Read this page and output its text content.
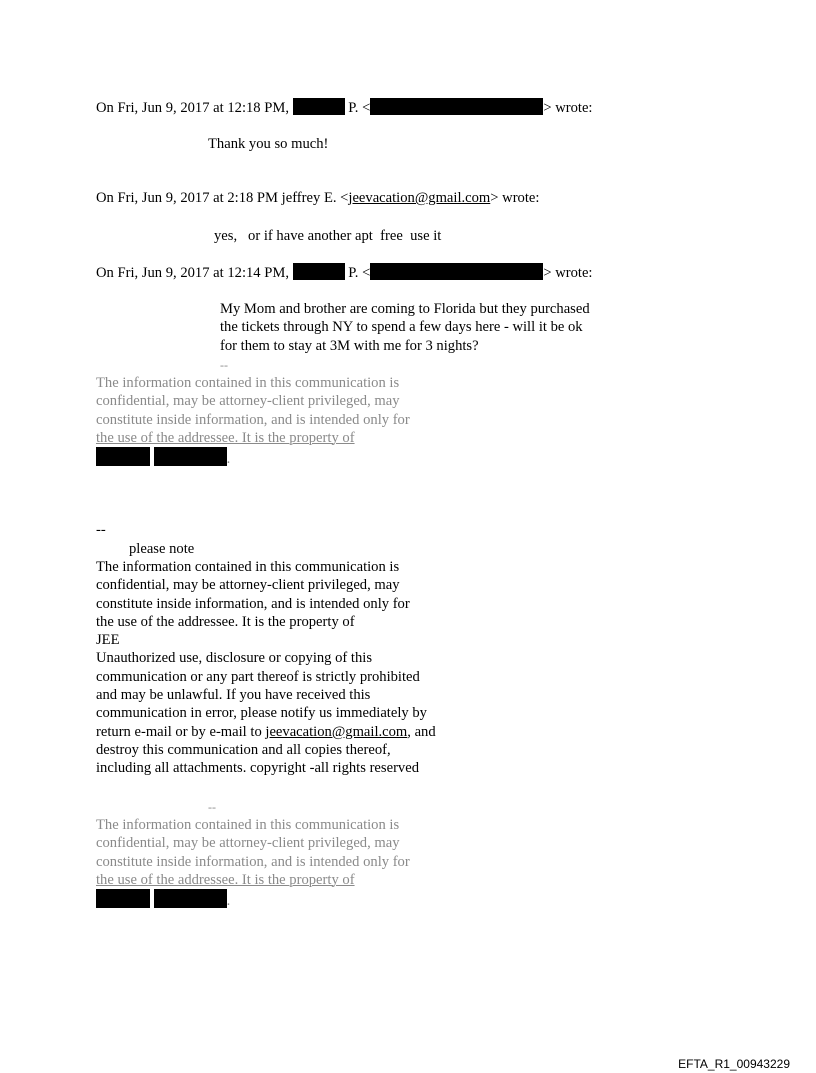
On Fri, Jun 9, 2017 at 12:18 PM,	P. <	> wrote:
Thank you so much!
On Fri, Jun 9, 2017 at 2:18 PM jeffrey E. <jeevacation@gmail.com> wrote:
yes,   or if have another apt  free  use it
On Fri, Jun 9, 2017 at 12:14 PM,	P. <	> wrote:
My Mom and brother are coming to Florida but they purchased
the tickets through NY to spend a few days here - will it be ok
for them to stay at 3M with me for 3 nights?
--
The information contained in this communication is
confidential, may be attorney-client privileged, may
constitute inside information, and is intended only for
the use of the addressee. It is the property of
.
--
please note
The information contained in this communication is
confidential, may be attorney-client privileged, may
constitute inside information, and is intended only for
the use of the addressee. It is the property of
JEE
Unauthorized use, disclosure or copying of this
communication or any part thereof is strictly prohibited
and may be unlawful. If you have received this
communication in error, please notify us immediately by
return e-mail or by e-mail to jeevacation@gmail.com, and
destroy this communication and all copies thereof,
including all attachments. copyright -all rights reserved
--
The information contained in this communication is
confidential, may be attorney-client privileged, may
constitute inside information, and is intended only for
the use of the addressee. It is the property of
.
EFTA_R1_00943229
